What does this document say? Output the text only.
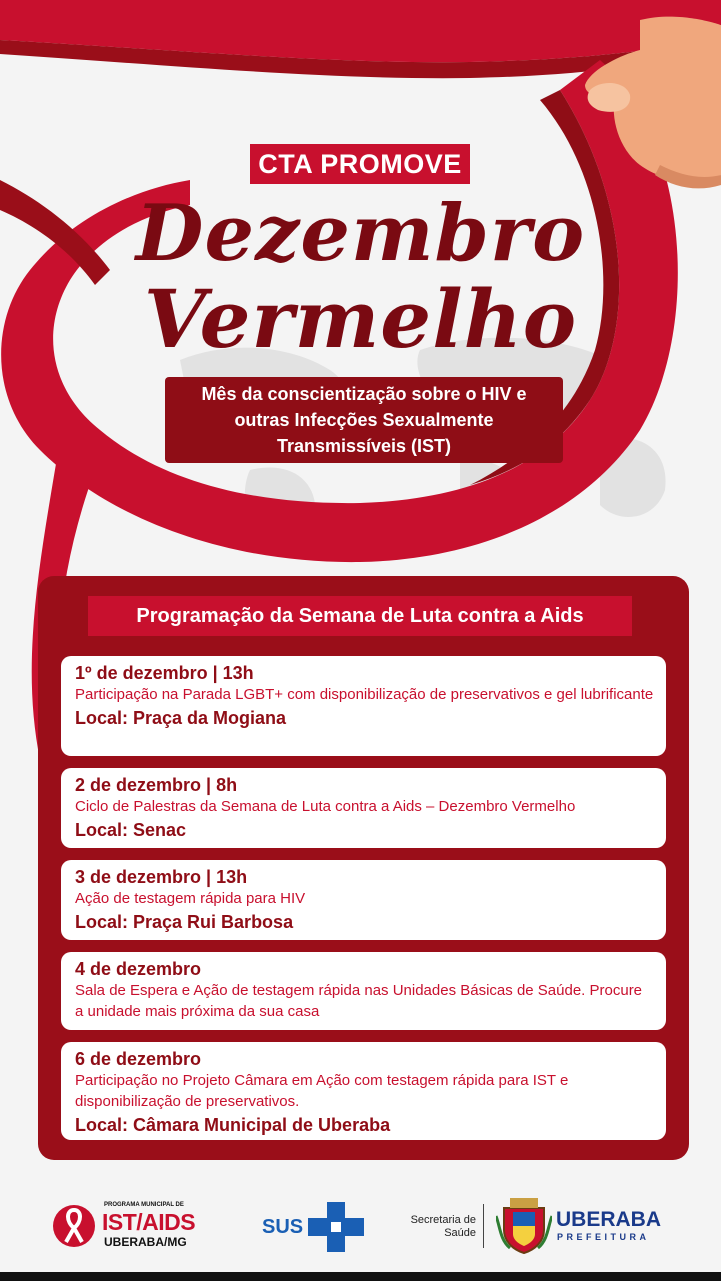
CTA PROMOVE
Dezembro
Vermelho
Mês da conscientização sobre o HIV e outras Infecções Sexualmente Transmissíveis (IST)
Programação da Semana de Luta contra a Aids
1º de dezembro | 13h
Participação na Parada LGBT+ com disponibilização de preservativos e gel lubrificante
Local: Praça da Mogiana
2 de dezembro | 8h
Ciclo de Palestras da Semana de Luta contra a Aids – Dezembro Vermelho
Local: Senac
3 de dezembro | 13h
Ação de testagem rápida para HIV
Local: Praça Rui Barbosa
4 de dezembro
Sala de Espera e Ação de testagem rápida nas Unidades Básicas de Saúde. Procure a unidade mais próxima da sua casa
6 de dezembro
Participação no Projeto Câmara em Ação com testagem rápida para IST e disponibilização de preservativos.
Local: Câmara Municipal de Uberaba
PROGRAMA MUNICIPAL DE
IST/AIDS
UBERABA/MG
SUS	Secretaria de
Saúde
UBERABA
PREFEITURA
